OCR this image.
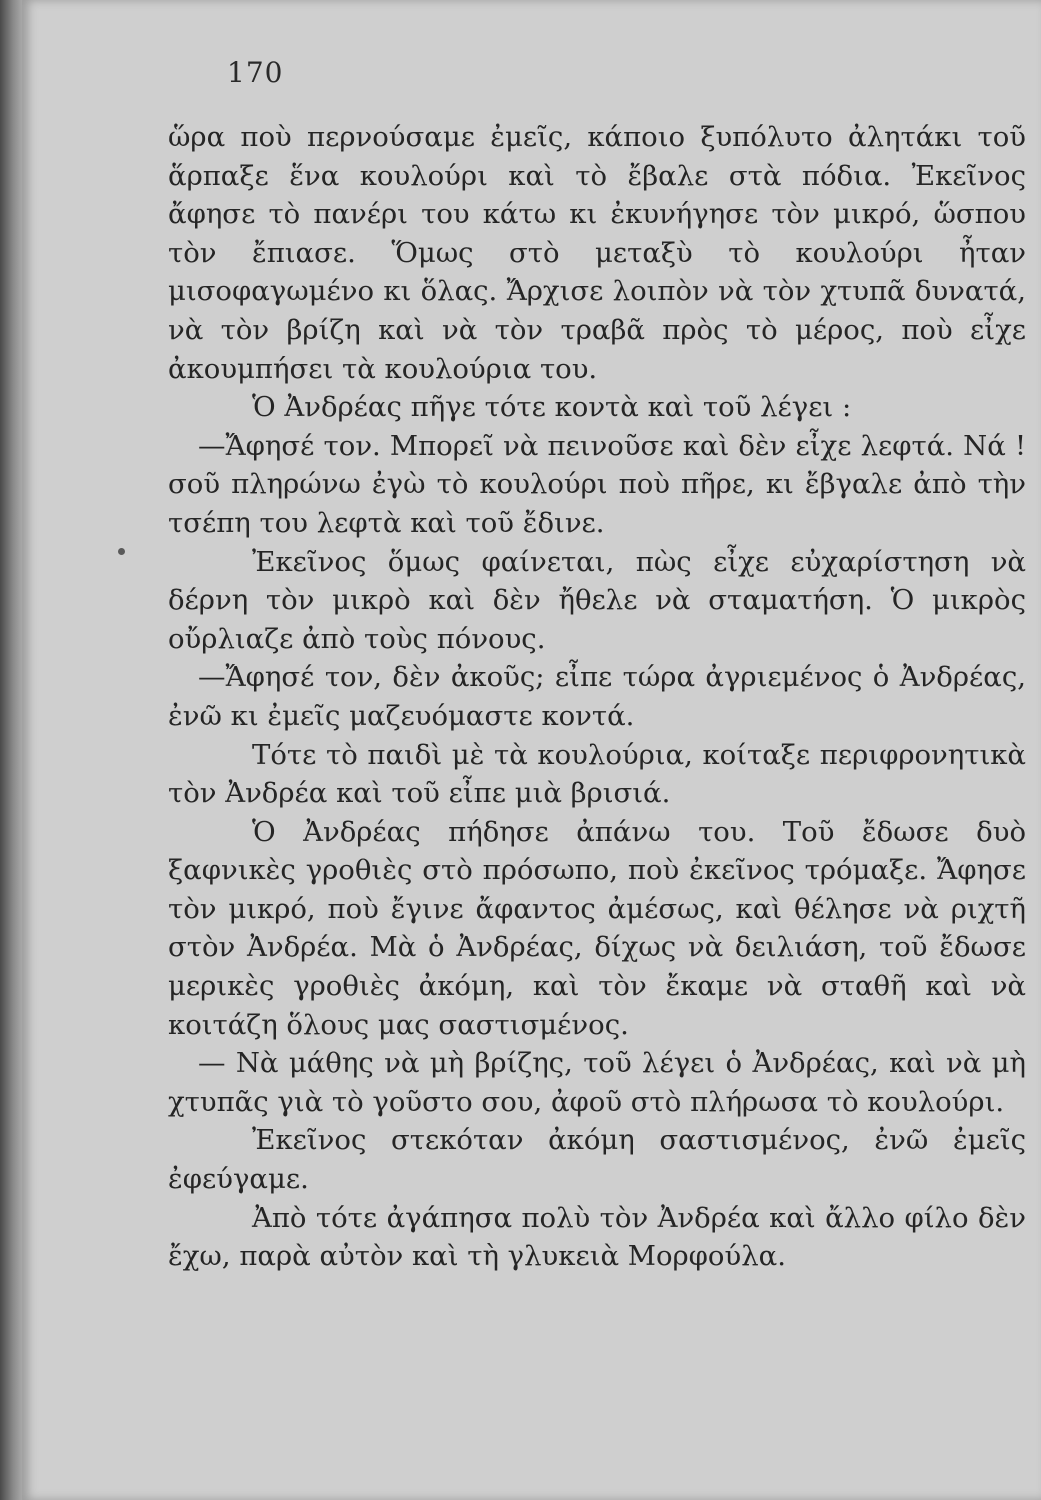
170

ὥρα ποὺ περνούσαμε ἐμεῖς, κάποιο ξυπόλυτο ἀλητάκι τοῦ ἅρπαξε ἕνα κουλούρι καὶ τὸ ἔβαλε στὰ πόδια. Ἐκεῖνος ἄφησε τὸ πανέρι του κάτω κι ἐκυνήγησε τὸν μικρό, ὥσπου τὸν ἔπιασε. Ὅμως στὸ μεταξὺ τὸ κουλούρι ἦταν μισοφαγωμένο κι ὅλας. Ἄρχισε λοιπὸν νὰ τὸν χτυπᾶ δυνατά, νὰ τὸν βρίζη καὶ νὰ τὸν τραβᾶ πρὸς τὸ μέρος, ποὺ εἶχε ἀκουμπήσει τὰ κουλούρια του.

Ὁ Ἀνδρέας πῆγε τότε κοντὰ καὶ τοῦ λέγει :

—Ἄφησέ τον. Μπορεῖ νὰ πεινοῦσε καὶ δὲν εἶχε λεφτά. Νά ! σοῦ πληρώνω ἐγὼ τὸ κουλούρι ποὺ πῆρε, κι ἔβγαλε ἀπὸ τὴν τσέπη του λεφτὰ καὶ τοῦ ἔδινε.

Ἐκεῖνος ὅμως φαίνεται, πὼς εἶχε εὐχαρίστηση νὰ δέρνη τὸν μικρὸ καὶ δὲν ἤθελε νὰ σταματήση. Ὁ μικρὸς οὔρλιαζε ἀπὸ τοὺς πόνους.

—Ἄφησέ τον, δὲν ἀκοῦς; εἶπε τώρα ἀγριεμένος ὁ Ἀνδρέας, ἐνῶ κι ἐμεῖς μαζευόμαστε κοντά.

Τότε τὸ παιδὶ μὲ τὰ κουλούρια, κοίταξε περιφρονητικὰ τὸν Ἀνδρέα καὶ τοῦ εἶπε μιὰ βρισιά.

Ὁ Ἀνδρέας πήδησε ἀπάνω του. Τοῦ ἔδωσε δυὸ ξαφνικὲς γροθιὲς στὸ πρόσωπο, ποὺ ἐκεῖνος τρόμαξε. Ἄφησε τὸν μικρό, ποὺ ἔγινε ἄφαντος ἀμέσως, καὶ θέλησε νὰ ριχτῆ στὸν Ἀνδρέα. Μὰ ὁ Ἀνδρέας, δίχως νὰ δειλιάση, τοῦ ἔδωσε μερικὲς γροθιὲς ἀκόμη, καὶ τὸν ἔκαμε νὰ σταθῆ καὶ νὰ κοιτάζη ὅλους μας σαστισμένος.

— Νὰ μάθης νὰ μὴ βρίζης, τοῦ λέγει ὁ Ἀνδρέας, καὶ νὰ μὴ χτυπᾶς γιὰ τὸ γοῦστο σου, ἀφοῦ στὸ πλήρωσα τὸ κουλούρι.

Ἐκεῖνος στεκόταν ἀκόμη σαστισμένος, ἐνῶ ἐμεῖς ἐφεύγαμε.

Ἀπὸ τότε ἀγάπησα πολὺ τὸν Ἀνδρέα καὶ ἄλλο φίλο δὲν ἔχω, παρὰ αὐτὸν καὶ τὴ γλυκειὰ Μορφούλα.
